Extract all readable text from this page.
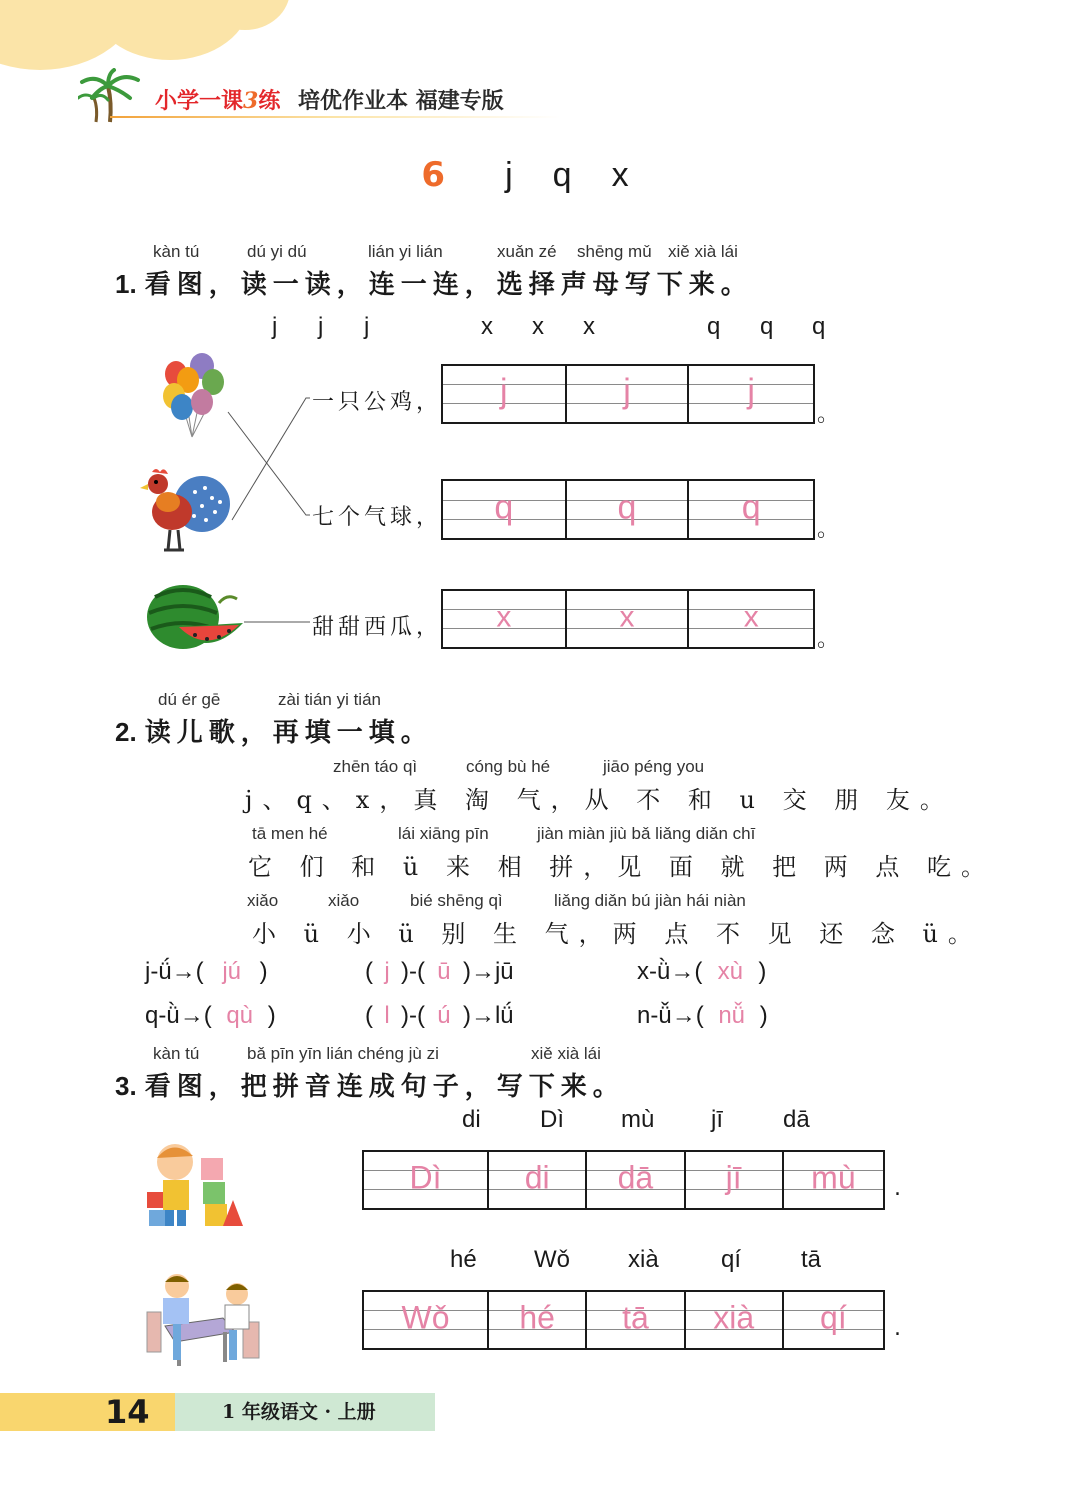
小学一课3练 培优作业本 福建专版
6 j q x
kàn tú	dú yi dú	lián yi lián	xuǎn zé shēng mǔ xiě xià lái
1. 看图，读一读，连一连，选择声母写下来。
j j j	x x x	q q q
一只公鸡，	j	j	j
。
七个气球，	q	q	q
。
甜甜西瓜，	x	x	x
。
dú ér gē	zài tián yi tián
2. 读儿歌，再填一填。
zhēn táo qì	cóng bù hé	jiāo péng you
j、q、x，真 淘 气，从 不 和 u 交 朋 友。
tā men hé	lái xiāng pīn	jiàn miàn jiù bǎ liǎng diǎn chī
它 们 和 ü 来 相 拼，见 面 就 把 两 点 吃。
xiǎo	xiǎo	bié shēng qì	liǎng diǎn bú jiàn hái niàn
小 ü 小 ü 别 生 气，两 点 不 见 还 念 ü。
j-ǘ→( jú )	( j )-( ū )→jū	x-ǜ→( xù )
q-ǜ→( qù )	( l )-( ú )→lǘ	n-ǚ→( nǚ )
kàn tú	bǎ pīn yīn lián chéng jù zi	xiě xià lái
3. 看图，把拼音连成句子，写下来。
di Dì mù jī	dā
Dì	di	dā	jī	mù	.
hé Wǒ xià	qí tā
Wǒ	hé	tā	xià	qí	.
14	1 年级语文 · 上册
